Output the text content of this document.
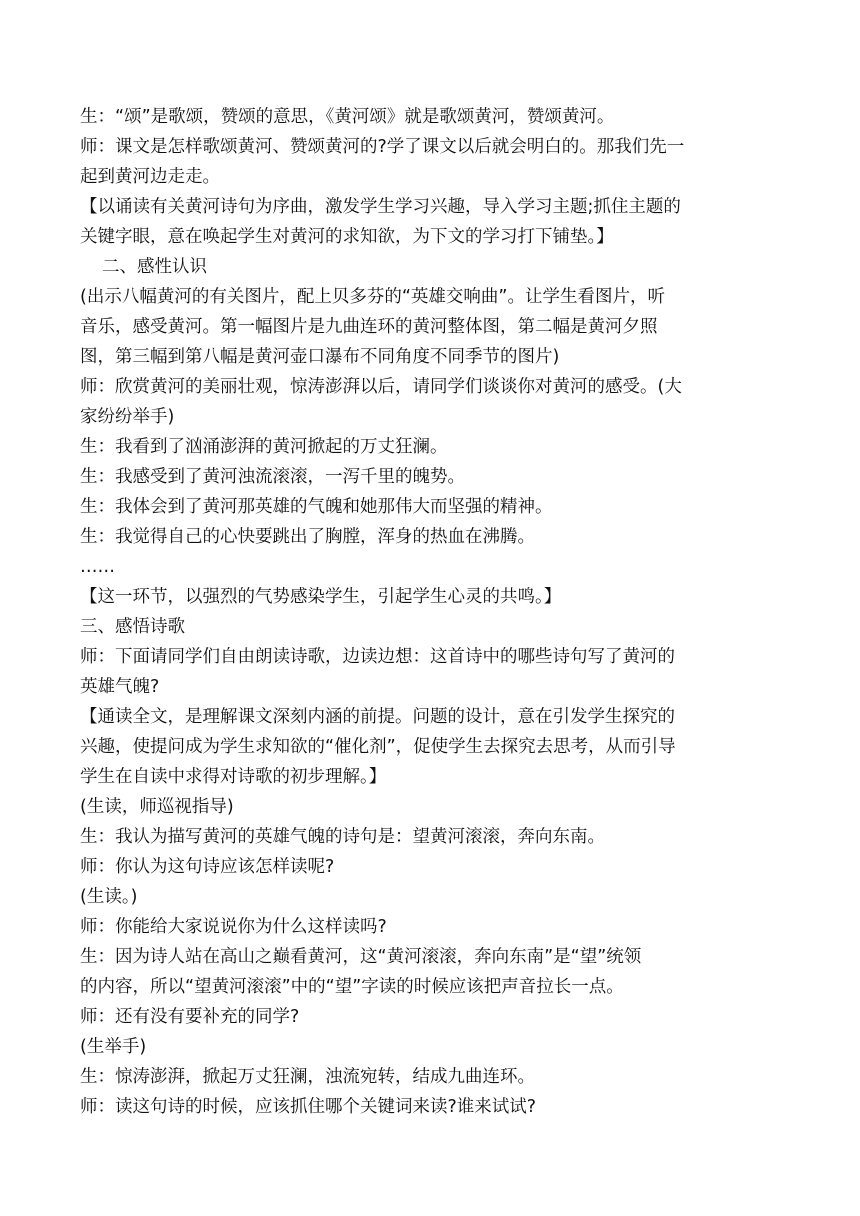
生：“颂”是歌颂，赞颂的意思，《黄河颂》就是歌颂黄河，赞颂黄河。
师：课文是怎样歌颂黄河、赞颂黄河的?学了课文以后就会明白的。那我们先一
起到黄河边走走。
【以诵读有关黄河诗句为序曲，激发学生学习兴趣，导入学习主题;抓住主题的
关键字眼，意在唤起学生对黄河的求知欲，为下文的学习打下铺垫。】
二、感性认识
(出示八幅黄河的有关图片，配上贝多芬的“英雄交响曲”。让学生看图片，听
音乐，感受黄河。第一幅图片是九曲连环的黄河整体图，第二幅是黄河夕照
图，第三幅到第八幅是黄河壶口瀑布不同角度不同季节的图片)
师：欣赏黄河的美丽壮观，惊涛澎湃以后，请同学们谈谈你对黄河的感受。(大
家纷纷举手)
生：我看到了汹涌澎湃的黄河掀起的万丈狂澜。
生：我感受到了黄河浊流滚滚，一泻千里的魄势。
生：我体会到了黄河那英雄的气魄和她那伟大而坚强的精神。
生：我觉得自己的心快要跳出了胸膛，浑身的热血在沸腾。
……
【这一环节，以强烈的气势感染学生，引起学生心灵的共鸣。】
三、感悟诗歌
师：下面请同学们自由朗读诗歌，边读边想：这首诗中的哪些诗句写了黄河的
英雄气魄?
【通读全文，是理解课文深刻内涵的前提。问题的设计，意在引发学生探究的
兴趣，使提问成为学生求知欲的“催化剂”，促使学生去探究去思考，从而引导
学生在自读中求得对诗歌的初步理解。】
(生读，师巡视指导)
生：我认为描写黄河的英雄气魄的诗句是：望黄河滚滚，奔向东南。
师：你认为这句诗应该怎样读呢?
(生读。)
师：你能给大家说说你为什么这样读吗?
生：因为诗人站在高山之巅看黄河，这“黄河滚滚，奔向东南”是“望”统领
的内容，所以“望黄河滚滚”中的“望”字读的时候应该把声音拉长一点。
师：还有没有要补充的同学?
(生举手)
生：惊涛澎湃，掀起万丈狂澜，浊流宛转，结成九曲连环。
师：读这句诗的时候，应该抓住哪个关键词来读?谁来试试?
